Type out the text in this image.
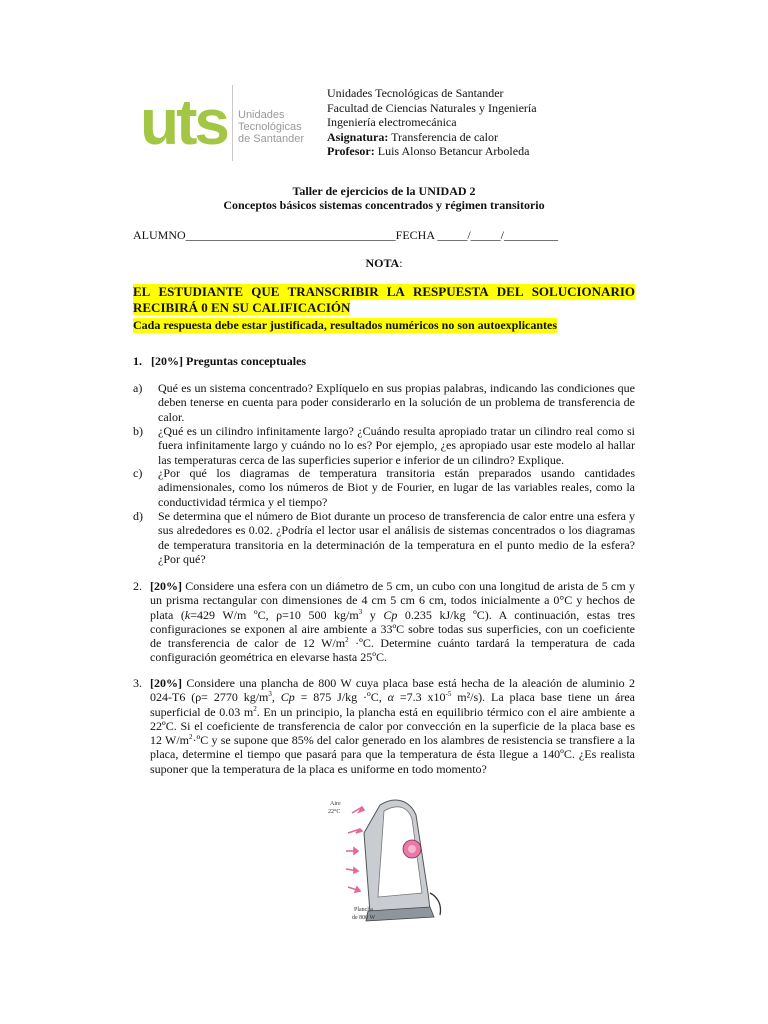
uts Unidades
Tecnológicas
de Santander
Unidades Tecnológicas de Santander
Facultad de Ciencias Naturales y Ingeniería
Ingeniería electromecánica
Asignatura: Transferencia de calor
Profesor: Luis Alonso Betancur Arboleda
Taller de ejercicios de la UNIDAD 2
Conceptos básicos sistemas concentrados y régimen transitorio
ALUMNO___________________________________FECHA _____/_____/_________
NOTA:
EL ESTUDIANTE QUE TRANSCRIBIR LA RESPUESTA DEL SOLUCIONARIO
RECIBIRÁ 0 EN SU CALIFICACIÓN
Cada respuesta debe estar justificada, resultados numéricos no son autoexplicantes
1. [20%] Preguntas conceptuales
a) Qué es un sistema concentrado? Explíquelo en sus propias palabras, indicando las condiciones que deben tenerse en cuenta para poder considerarlo en la solución de un problema de transferencia de calor.
b) ¿Qué es un cilindro infinitamente largo? ¿Cuándo resulta apropiado tratar un cilindro real como si fuera infinitamente largo y cuándo no lo es? Por ejemplo, ¿es apropiado usar este modelo al hallar las temperaturas cerca de las superficies superior e inferior de un cilindro? Explique.
c) ¿Por qué los diagramas de temperatura transitoria están preparados usando cantidades adimensionales, como los números de Biot y de Fourier, en lugar de las variables reales, como la conductividad térmica y el tiempo?
d) Se determina que el número de Biot durante un proceso de transferencia de calor entre una esfera y sus alrededores es 0.02. ¿Podría el lector usar el análisis de sistemas concentrados o los diagramas de temperatura transitoria en la determinación de la temperatura en el punto medio de la esfera? ¿Por qué?
2. [20%] Considere una esfera con un diámetro de 5 cm, un cubo con una longitud de arista de 5 cm y un prisma rectangular con dimensiones de 4 cm 5 cm 6 cm, todos inicialmente a 0°C y hechos de plata (k=429 W/m ºC, ρ=10 500 $kg/m^3$ y Cp 0.235 kJ/kg ºC). A continuación, estas tres configuraciones se exponen al aire ambiente a 33ºC sobre todas sus superficies, con un coeficiente de transferencia de calor de 12 $W/m^2$ ·ºC. Determine cuánto tardará la temperatura de cada configuración geométrica en elevarse hasta 25ºC.
3. [20%] Considere una plancha de 800 W cuya placa base está hecha de la aleación de aluminio 2 024-T6 (ρ= 2770 $kg/m^3$, Cp = 875 J/kg ·ºC, α =7.3 $x10^{-5}$ m²/s). La placa base tiene un área superficial de 0.03 $m^2$. En un principio, la plancha está en equilibrio térmico con el aire ambiente a 22ºC. Si el coeficiente de transferencia de calor por convección en la superficie de la placa base es 12 $W/m^2\cdot ºC$ y se supone que 85% del calor generado en los alambres de resistencia se transfiere a la placa, determine el tiempo que pasará para que la temperatura de ésta llegue a 140ºC. ¿Es realista suponer que la temperatura de la placa es uniforme en todo momento?
Aire
22°C
Plancha
de 800 W
